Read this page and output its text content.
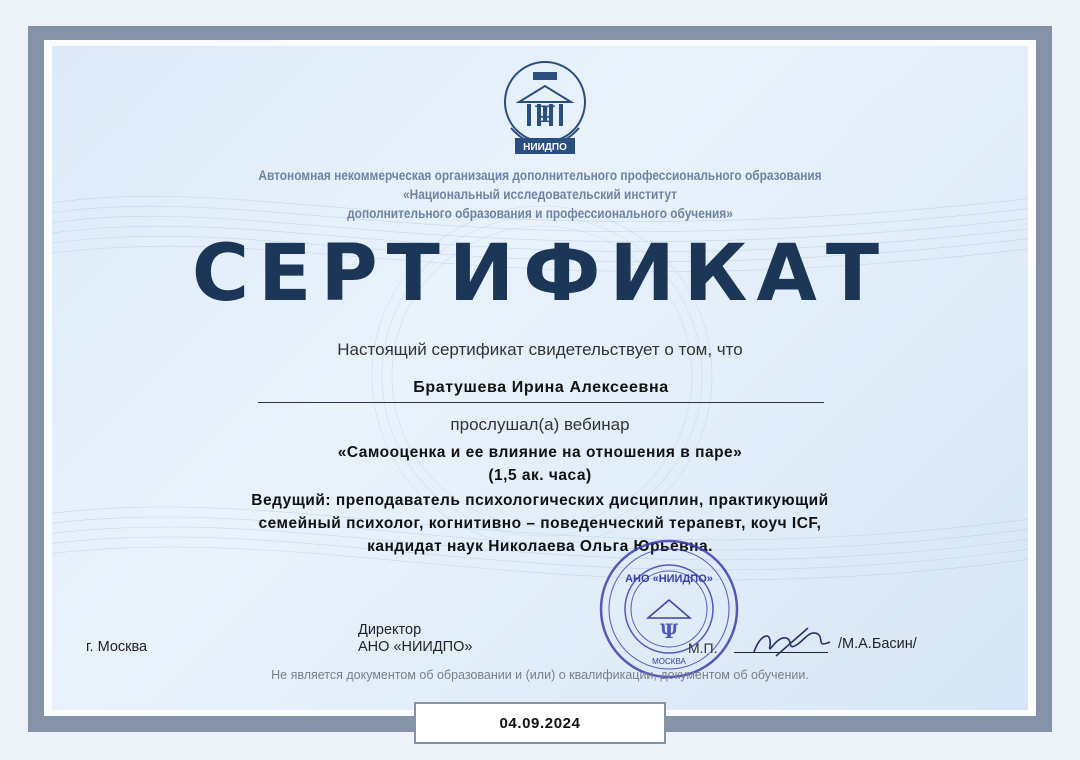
Ψ
НИИДПО
Автономная некоммерческая организация дополнительного профессионального образования
«Национальный исследовательский институт
дополнительного образования и профессионального обучения»
СЕРТИФИКАТ
Настоящий сертификат свидетельствует о том, что
Братушева Ирина Алексеевна
прослушал(а) вебинар
«Самооценка и ее влияние на отношения в паре»
(1,5 ак. часа)
Ведущий: преподаватель психологических дисциплин, практикующий
семейный психолог, когнитивно – поведенческий терапевт, коуч ICF,
кандидат наук Николаева Ольга Юрьевна.
г. Москва
Директор
АНО «НИИДПО»
АНО «НИИДПО»
Ψ
МОСКВА
М.П.	/М.А.Басин/
Не является документом об образовании и (или) о квалификации, документом об обучении.
04.09.2024
